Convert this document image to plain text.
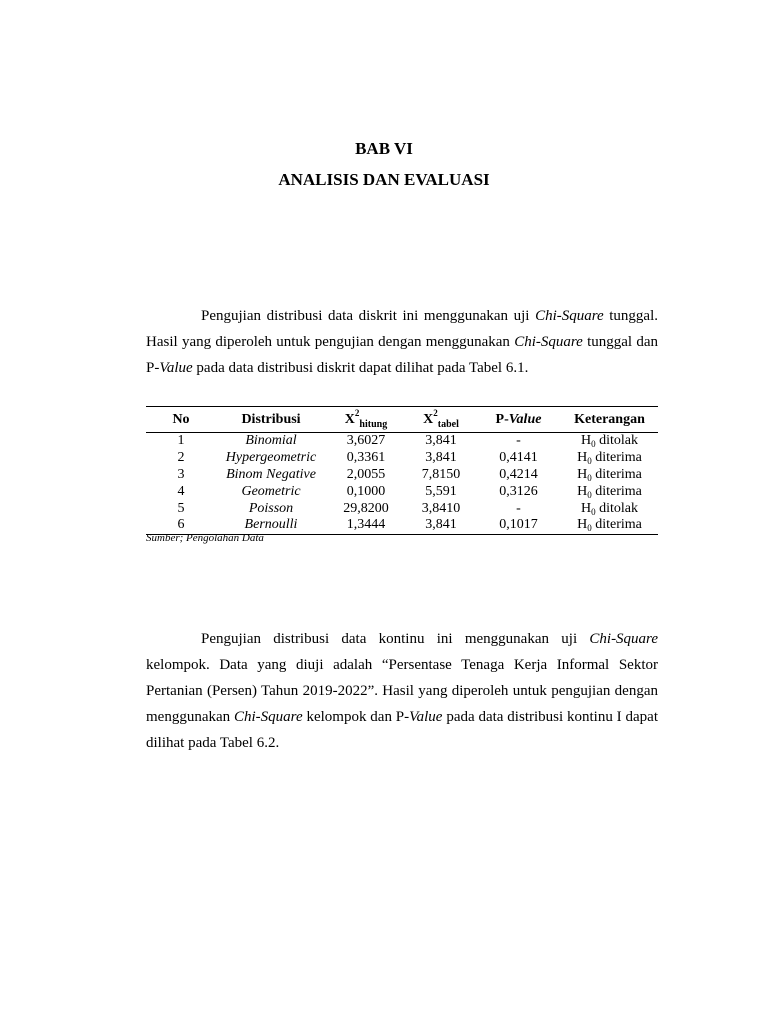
BAB VI
ANALISIS DAN EVALUASI

Pengujian distribusi data diskrit ini menggunakan uji Chi-Square tunggal. Hasil yang diperoleh untuk pengujian dengan menggunakan Chi-Square tunggal dan P-Value pada data distribusi diskrit dapat dilihat pada Tabel 6.1.

No	Distribusi	$X^2_{hitung}$	$X^2_{tabel}$	P-Value	Keterangan
1	Binomial	3,6027	3,841	-	$H_0$ ditolak
2	Hypergeometric	0,3361	3,841	0,4141	$H_0$ diterima
3	Binom Negative	2,0055	7,8150	0,4214	$H_0$ diterima
4	Geometric	0,1000	5,591	0,3126	$H_0$ diterima
5	Poisson	29,8200	3,8410	-	$H_0$ ditolak
6	Bernoulli	1,3444	3,841	0,1017	$H_0$ diterima
Sumber; Pengolahan Data

Pengujian distribusi data kontinu ini menggunakan uji Chi-Square kelompok. Data yang diuji adalah “Persentase Tenaga Kerja Informal Sektor Pertanian (Persen) Tahun 2019-2022”. Hasil yang diperoleh untuk pengujian dengan menggunakan Chi-Square kelompok dan P-Value pada data distribusi kontinu I dapat dilihat pada Tabel 6.2.
